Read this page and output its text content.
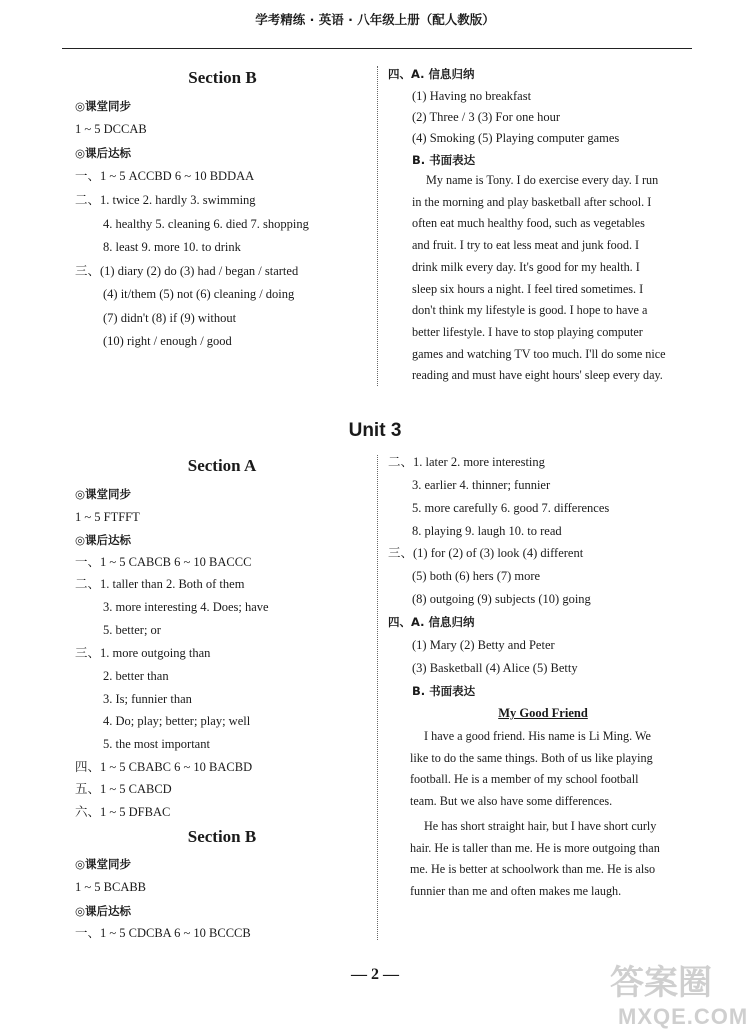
学考精练 · 英语 · 八年级上册（配人教版）
Section B
◎课堂同步
1 ~ 5 DCCAB
◎课后达标
一、1 ~ 5 ACCBD 6 ~ 10 BDDAA
二、1. twice 2. hardly 3. swimming
4. healthy 5. cleaning 6. died 7. shopping
8. least 9. more 10. to drink
三、(1) diary (2) do (3) had / began / started
(4) it/them (5) not (6) cleaning / doing
(7) didn't (8) if (9) without
(10) right / enough / good
四、A. 信息归纳
(1) Having no breakfast
(2) Three / 3 (3) For one hour
(4) Smoking (5) Playing computer games
B. 书面表达
My name is Tony. I do exercise every day. I run
in the morning and play basketball after school. I
often eat much healthy food, such as vegetables
and fruit. I try to eat less meat and junk food. I
drink milk every day. It's good for my health. I
sleep six hours a night. I feel tired sometimes. I
don't think my lifestyle is good. I hope to have a
better lifestyle. I have to stop playing computer
games and watching TV too much. I'll do some nice
reading and must have eight hours' sleep every day.
Unit 3
Section A
◎课堂同步
1 ~ 5 FTFFT
◎课后达标
一、1 ~ 5 CABCB 6 ~ 10 BACCC
二、1. taller than 2. Both of them
3. more interesting 4. Does; have
5. better; or
三、1. more outgoing than
2. better than
3. Is; funnier than
4. Do; play; better; play; well
5. the most important
四、1 ~ 5 CBABC 6 ~ 10 BACBD
五、1 ~ 5 CABCD
六、1 ~ 5 DFBAC
Section B
◎课堂同步
1 ~ 5 BCABB
◎课后达标
一、1 ~ 5 CDCBA 6 ~ 10 BCCCB
二、1. later 2. more interesting
3. earlier 4. thinner; funnier
5. more carefully 6. good 7. differences
8. playing 9. laugh 10. to read
三、(1) for (2) of (3) look (4) different
(5) both (6) hers (7) more
(8) outgoing (9) subjects (10) going
四、A. 信息归纳
(1) Mary (2) Betty and Peter
(3) Basketball (4) Alice (5) Betty
B. 书面表达
My Good Friend
I have a good friend. His name is Li Ming. We
like to do the same things. Both of us like playing
football. He is a member of my school football
team. But we also have some differences.
He has short straight hair, but I have short curly
hair. He is taller than me. He is more outgoing than
me. He is better at schoolwork than me. He is also
funnier than me and often makes me laugh.
— 2 —	答案圈
MXQE.COM
